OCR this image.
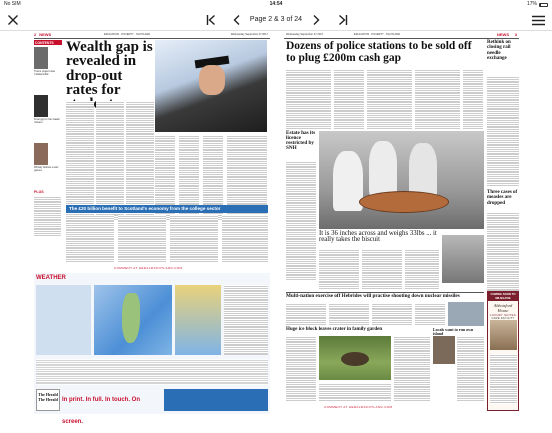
No SIM	14:54	17%
Page 2 & 3 of 24
2 NEWS	EDUCATION · POVERTY · SCOTLAND	Wednesday September 27 2017
CONTENTS
Trains project was 'indefensible'
Final gig for the Gaelic rockers
Whisky fellows music games
PLUS
Wealth gap is revealed in drop-out rates for
The £20 billion benefit to Scotland's economy from the college sector
COMMENT AT HERALDSCOTLAND.COM
WEATHER
The Herald
The Herald In print. In full. In touch. On screen.
Wednesday September 27 2017	EDUCATION · POVERTY · SCOTLAND	NEWS 3
Dozens of police stations to be sold off to plug £200m cash gap
Estate has its licence restricted by SNH
It is 36 inches across and weighs 33lbs ... it really takes the biscuit
Multi-nation exercise off Hebrides will practise shooting down nuclear missiles
Huge ice block leaves crater in family garden	Locals want to run own island
COMMENT AT HERALDSCOTLAND.COM
Rethink on closing rail needle exchange
Three cases of measles are dropped
COMING SOON TO MILNGAVIE
Abbotsford House
LUXURY SUITES
CARE FACILITY
